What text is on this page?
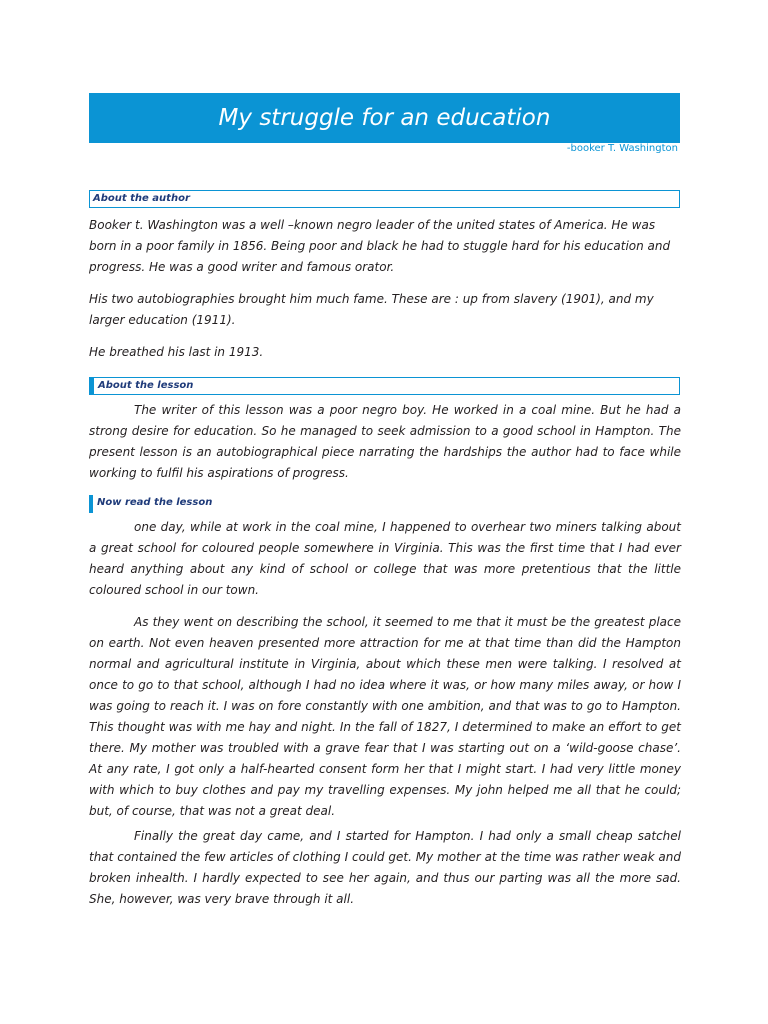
My struggle for an education
-booker T. Washington
About the author

Booker t. Washington was a well –known negro leader of the united states of America. He was born in a poor family in 1856. Being poor and black he had to stuggle hard for his education and progress. He was a good writer and famous orator.

His two autobiographies brought him much fame. These are : up from slavery (1901), and my larger education (1911).

He breathed his last in 1913.

About the lesson

The writer of this lesson was a poor negro boy. He worked in a coal mine. But he had a strong desire for education. So he managed to seek admission to a good school in Hampton. The present lesson is an autobiographical piece narrating the hardships the author had to face while working to fulfil his aspirations of progress.

Now read the lesson

one day, while at work in the coal mine, I happened to overhear two miners talking about a great school for coloured people somewhere in Virginia. This was the first time that I had ever heard anything about any kind of school or college that was more pretentious that the little coloured school in our town.

As they went on describing the school, it seemed to me that it must be the greatest place on earth. Not even heaven presented more attraction for me at that time than did the Hampton normal and agricultural institute in Virginia, about which these men were talking. I resolved at once to go to that school, although I had no idea where it was, or how many miles away, or how I was going to reach it. I was on fore constantly with one ambition, and that was to go to Hampton. This thought was with me hay and night. In the fall of 1827, I determined to make an effort to get there. My mother was troubled with a grave fear that I was starting out on a ‘wild-goose chase’. At any rate, I got only a half-hearted consent form her that I might start. I had very little money with which to buy clothes and pay my travelling expenses. My john helped me all that he could; but, of course, that was not a great deal.

Finally the great day came, and I started for Hampton. I had only a small cheap satchel that contained the few articles of clothing I could get. My mother at the time was rather weak and broken inhealth. I hardly expected to see her again, and thus our parting was all the more sad. She, however, was very brave through it all.
